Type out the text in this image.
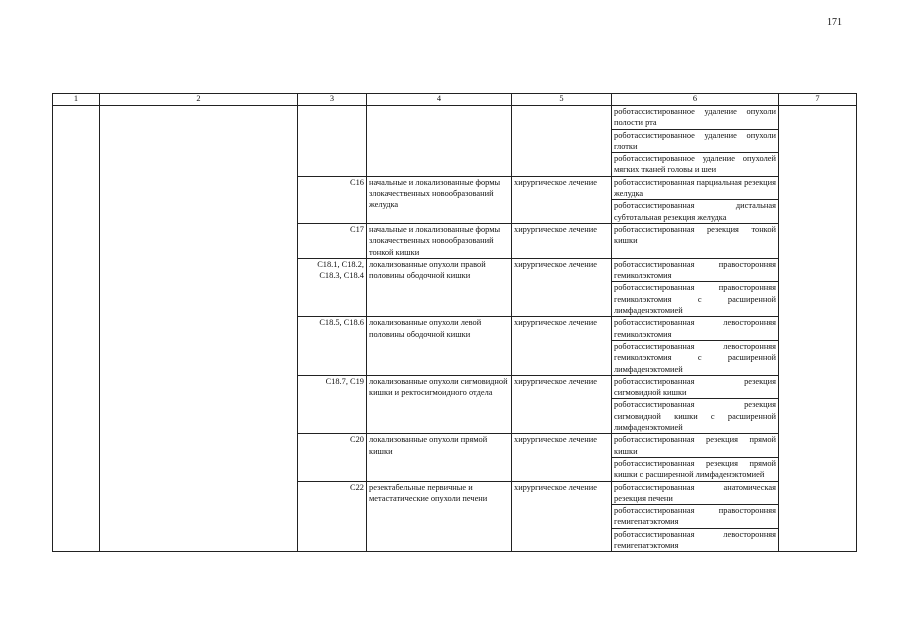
171
1	2	3	4	5	6	7

					роботассистированное удаление опухоли полости рта	

					роботассистированное удаление опухоли глотки	

					роботассистированное удаление опухолей мягких тканей головы и шеи	

		С16	начальные и локализованные формы злокачественных новообразований желудка	хирургическое лечение	роботассистированная парциальная резекция желудка	

					роботассистированная дистальная субтотальная резекция желудка	

		С17	начальные и локализованные формы злокачественных новообразований тонкой кишки	хирургическое лечение	роботассистированная резекция тонкой кишки	

		С18.1, С18.2, С18.3, С18.4	локализованные опухоли правой половины ободочной кишки	хирургическое лечение	роботассистированная правосторонняя гемиколэктомия	

					роботассистированная правосторонняя гемиколэктомия с расширенной лимфаденэктомией	

		С18.5, С18.6	локализованные опухоли левой половины ободочной кишки	хирургическое лечение	роботассистированная левосторонняя гемиколэктомия	

					роботассистированная левосторонняя гемиколэктомия с расширенной лимфаденэктомией	

		С18.7, С19	локализованные опухоли сигмовидной кишки и ректосигмоидного отдела	хирургическое лечение	роботассистированная резекция сигмовидной кишки	

					роботассистированная резекция сигмовидной кишки с расширенной лимфаденэктомией	

		С20	локализованные опухоли прямой кишки	хирургическое лечение	роботассистированная резекция прямой кишки	

					роботассистированная резекция прямой кишки с расширенной лимфаденэктомией	

		С22	резектабельные первичные и метастатические опухоли печени	хирургическое лечение	роботассистированная анатомическая резекция печени	

					роботассистированная правосторонняя гемигепатэктомия	

					роботассистированная левосторонняя гемигепатэктомия	
